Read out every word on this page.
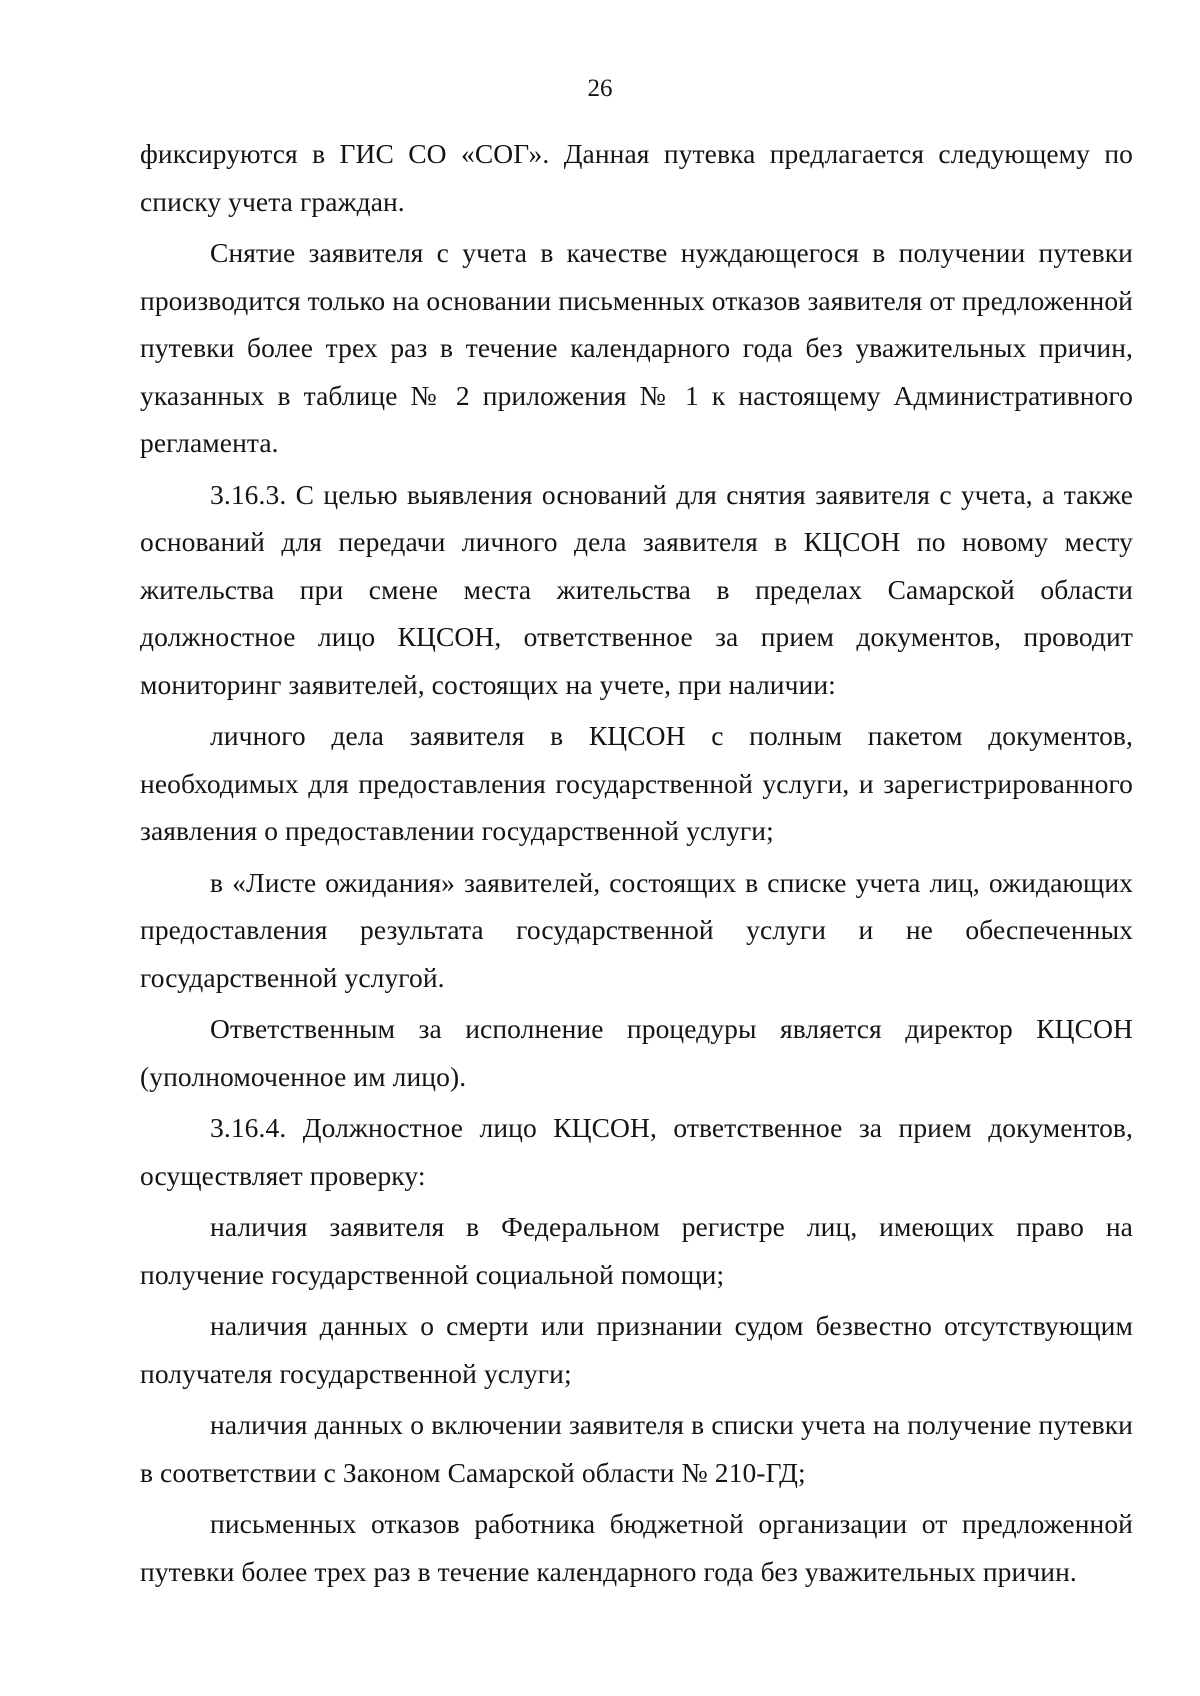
26

фиксируются в ГИС СО «СОГ». Данная путевка предлагается следующему по списку учета граждан.

Снятие заявителя с учета в качестве нуждающегося в получении путевки производится только на основании письменных отказов заявителя от предложенной путевки более трех раз в течение календарного года без уважительных причин, указанных в таблице № 2 приложения № 1 к настоящему Административного регламента.

3.16.3. С целью выявления оснований для снятия заявителя с учета, а также оснований для передачи личного дела заявителя в КЦСОН по новому месту жительства при смене места жительства в пределах Самарской области должностное лицо КЦСОН, ответственное за прием документов, проводит мониторинг заявителей, состоящих на учете, при наличии:

личного дела заявителя в КЦСОН с полным пакетом документов, необходимых для предоставления государственной услуги, и зарегистрированного заявления о предоставлении государственной услуги;

в «Листе ожидания» заявителей, состоящих в списке учета лиц, ожидающих предоставления результата государственной услуги и не обеспеченных государственной услугой.

Ответственным за исполнение процедуры является директор КЦСОН (уполномоченное им лицо).

3.16.4. Должностное лицо КЦСОН, ответственное за прием документов, осуществляет проверку:

наличия заявителя в Федеральном регистре лиц, имеющих право на получение государственной социальной помощи;

наличия данных о смерти или признании судом безвестно отсутствующим получателя государственной услуги;

наличия данных о включении заявителя в списки учета на получение путевки в соответствии с Законом Самарской области № 210-ГД;

письменных отказов работника бюджетной организации от предложенной путевки более трех раз в течение календарного года без уважительных причин.
